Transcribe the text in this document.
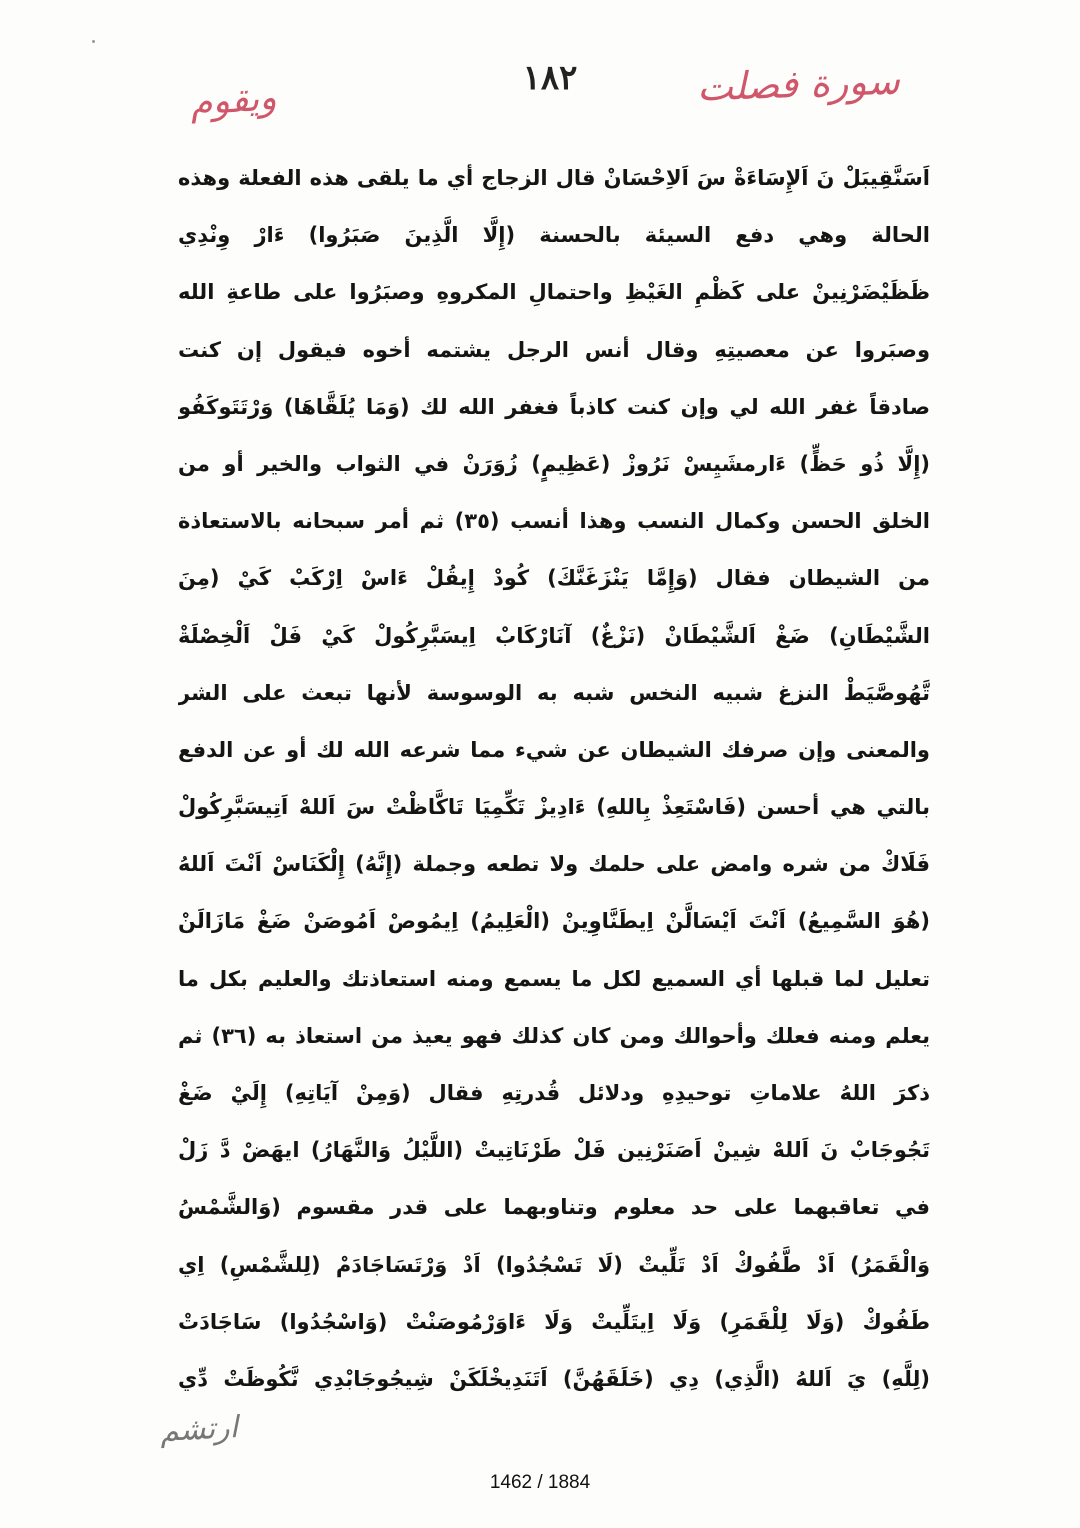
١٨٢	سورة فصلت
ويقوم
اَسَنَّقِيبَلْ نَ اَلإِسَاءَةْ سَ اَلاِحْسَانْ قال الزجاج أي ما يلقى هذه الفعلة وهذه
الحالة وهي دفع السيئة بالحسنة (إِلَّا الَّذِينَ صَبَرُوا) ءَارْ وِنْدِي
ظَظَيْضَرْنِينْ على كَظْمِ الغَيْظِ واحتمالِ المكروهِ وصبَرُوا على طاعةِ الله
وصبَروا عن معصيتِهِ وقال أنس الرجل يشتمه أخوه فيقول إن كنت
صادقاً غفر الله لي وإن كنت كاذباً فغفر الله لك (وَمَا يُلَقَّاهَا) وَرْتَتَوكَفُو
(إِلَّا ذُو حَظٍّ) ءَارمشَيِسْ نَرُوزْ (عَظِيمٍ) زُوَرَنْ في الثواب والخير أو من
الخلق الحسن وكمال النسب وهذا أنسب (٣٥) ثم أمر سبحانه بالاستعاذة
من الشيطان فقال (وَإِمَّا يَنْزَغَنَّكَ) كُودْ إِيقُلْ ءَاسْ اِرْكَبْ كَيْ (مِنَ
الشَّيْطَانِ) ضَغْ اَلشَّيْطَانْ (نَزْغٌ) آنَارْكَابْ اِيسَبَّرِكُولْ كَيْ فَلْ اَلْخِصْلَةْ
تَّهُوصَّيَطْ النزغ شبيه النخس شبه به الوسوسة لأنها تبعث على الشر
والمعنى وإن صرفك الشيطان عن شيء مما شرعه الله لك أو عن الدفع
بالتي هي أحسن (فَاسْتَعِذْ بِاللهِ) ءَادِيزْ تَكِّمِيَا تَاكَّاظْتْ سَ اَللهْ اَتِيسَبَّرِكُولْ
فَلَاكْ من شره وامض على حلمك ولا تطعه وجملة (إِنَّهُ) إِلْكَنَاسْ اَنْتَ اَللهُ
(هُوَ السَّمِيعُ) اَنْتَ اَيْسَالَّنْ اِيطَنَّاوِينْ (الْعَلِيمُ) اِيمُوصْ اَمُوصَنْ ضَغْ مَازَالَنْ
تعليل لما قبلها أي السميع لكل ما يسمع ومنه استعاذتك والعليم بكل ما
يعلم ومنه فعلك وأحوالك ومن كان كذلك فهو يعيذ من استعاذ به (٣٦) ثم
ذكرَ اللهُ علاماتِ توحيدِهِ ودلائل قُدرتِهِ فقال (وَمِنْ آيَاتِهِ) إِلَيْ ضَغْ
تَجُوجَابْ نَ اَللهْ شِينْ اَصَنَرْنِين فَلْ طَرْنَاتِيتْ (اللَّيْلُ وَالنَّهَارُ) ايهَضْ دَّ زَلْ
في تعاقبهما على حد معلوم وتناوبهما على قدر مقسوم (وَالشَّمْسُ
وَالْقَمَرُ) اَدْ طَّفُوكْ اَدْ تَلِّيتْ (لَا تَسْجُدُوا) اَدْ وَرْتَسَاجَادَمْ (لِلشَّمْسِ) اِي
طَفُوكْ (وَلَا لِلْقَمَرِ) وَلَا اِيتَلِّيتْ وَلَا ءَاوَرْمُوصَنْتْ (وَاسْجُدُوا) سَاجَادَتْ
(لِلَّهِ) يَ اَللهُ (الَّذِي) دِي (خَلَقَهُنَّ) اَتَنَدِيخْلَكَنْ شِيجُوجَابْدِي نَّكُوظَتْ دِّي
ارتشم
1462 / 1884
